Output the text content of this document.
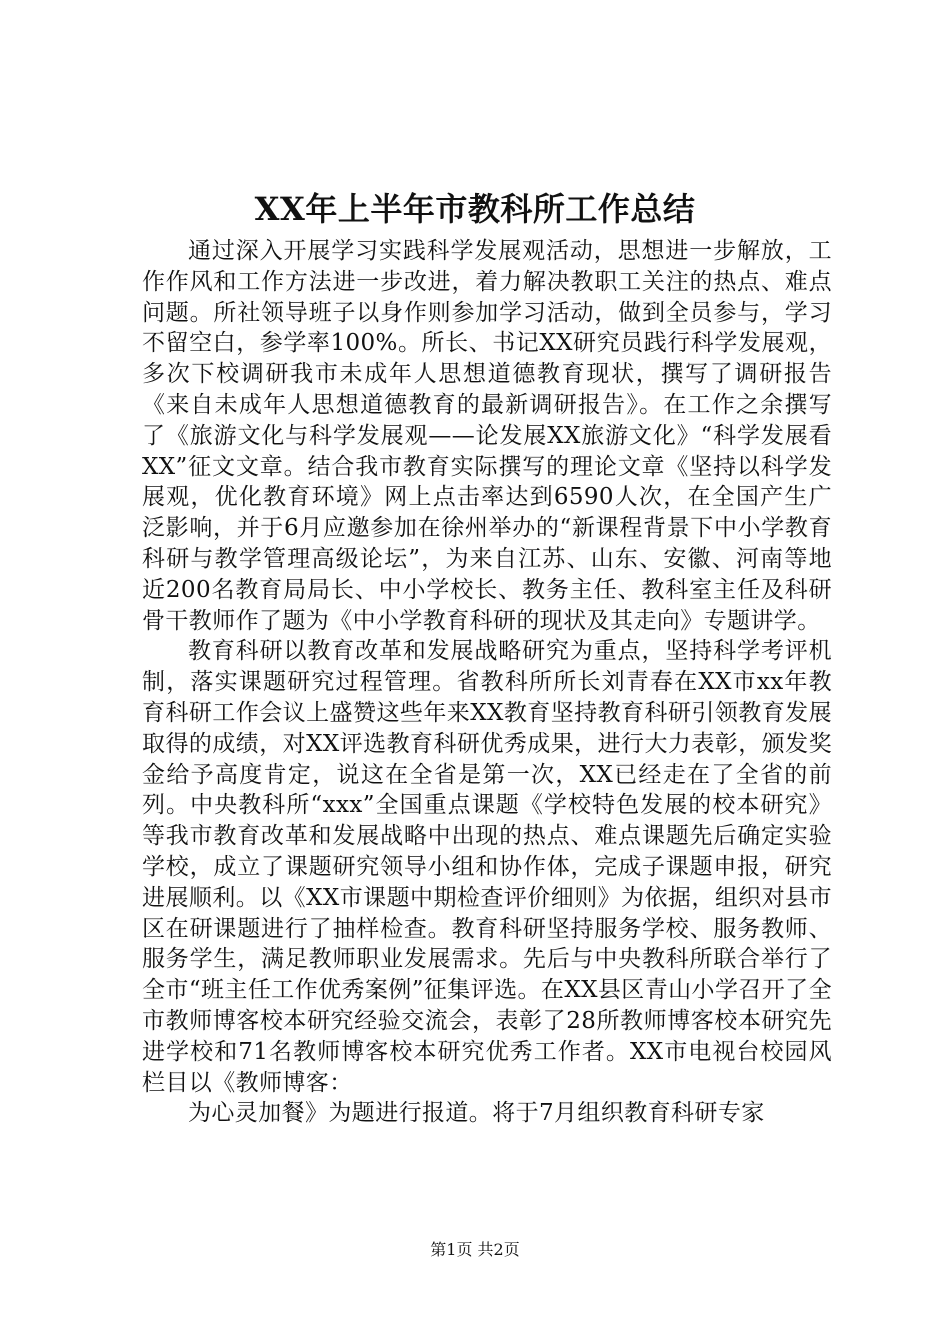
XX年上半年市教科所工作总结

通过深入开展学习实践科学发展观活动，思想进一步解放，工作作风和工作方法进一步改进，着力解决教职工关注的热点、难点问题。所社领导班子以身作则参加学习活动，做到全员参与，学习不留空白，参学率100%。所长、书记XX研究员践行科学发展观，多次下校调研我市未成年人思想道德教育现状，撰写了调研报告《来自未成年人思想道德教育的最新调研报告》。在工作之余撰写了《旅游文化与科学发展观——论发展XX旅游文化》“科学发展看XX”征文文章。结合我市教育实际撰写的理论文章《坚持以科学发展观，优化教育环境》网上点击率达到6590人次，在全国产生广泛影响，并于6月应邀参加在徐州举办的“新课程背景下中小学教育科研与教学管理高级论坛”，为来自江苏、山东、安徽、河南等地近200名教育局局长、中小学校长、教务主任、教科室主任及科研骨干教师作了题为《中小学教育科研的现状及其走向》专题讲学。

教育科研以教育改革和发展战略研究为重点，坚持科学考评机制，落实课题研究过程管理。省教科所所长刘青春在XX市xx年教育科研工作会议上盛赞这些年来XX教育坚持教育科研引领教育发展取得的成绩，对XX评选教育科研优秀成果，进行大力表彰，颁发奖金给予高度肯定，说这在全省是第一次，XX已经走在了全省的前列。中央教科所“xxx”全国重点课题《学校特色发展的校本研究》等我市教育改革和发展战略中出现的热点、难点课题先后确定实验学校，成立了课题研究领导小组和协作体，完成子课题申报，研究进展顺利。以《XX市课题中期检查评价细则》为依据，组织对县市区在研课题进行了抽样检查。教育科研坚持服务学校、服务教师、服务学生，满足教师职业发展需求。先后与中央教科所联合举行了全市“班主任工作优秀案例”征集评选。在XX县区青山小学召开了全市教师博客校本研究经验交流会，表彰了28所教师博客校本研究先进学校和71名教师博客校本研究优秀工作者。XX市电视台校园风栏目以《教师博客：

为心灵加餐》为题进行报道。将于7月组织教育科研专家

第1页 共2页
